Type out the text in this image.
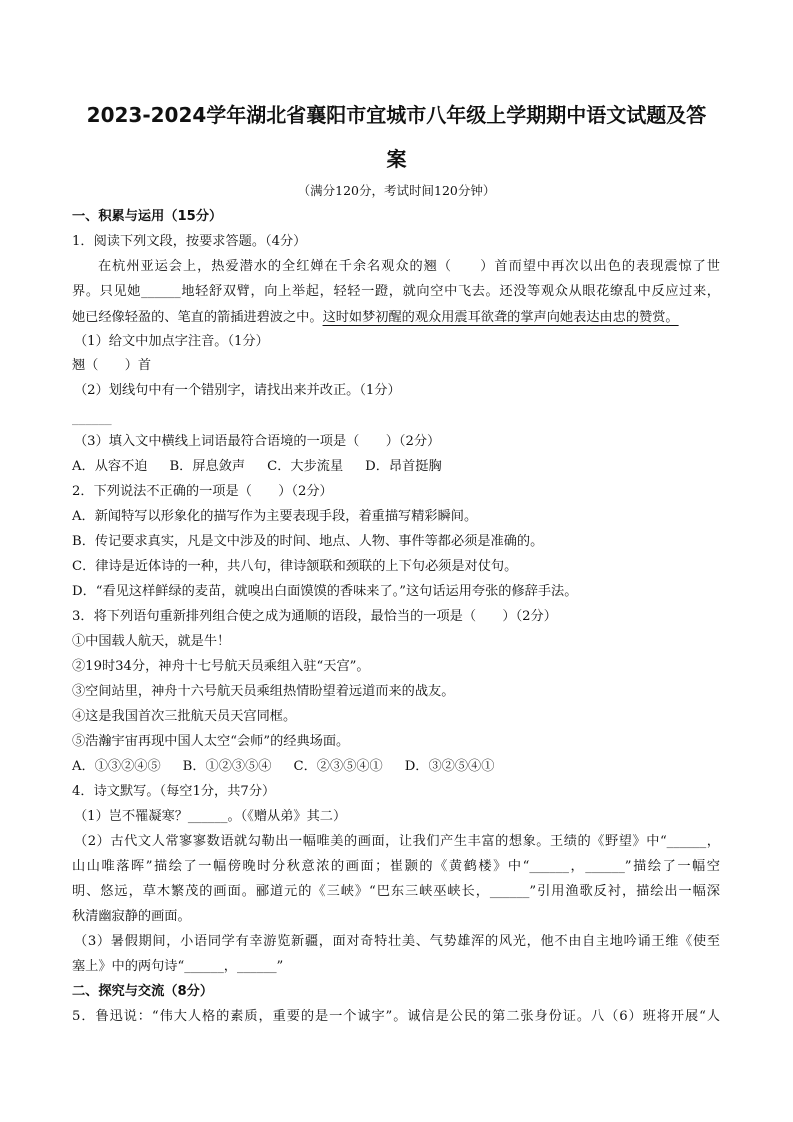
2023-2024学年湖北省襄阳市宜城市八年级上学期期中语文试题及答
案
（满分120分，考试时间120分钟）
一、积累与运用（15分）
1．阅读下列文段，按要求答题。（4分）
在杭州亚运会上，热爱潜水的全红婵在千余名观众的翘（　　）首而望中再次以出色的表现震惊了世
界。只见她______地轻舒双臂，向上举起，轻轻一蹬，就向空中飞去。还没等观众从眼花缭乱中反应过来，
她已经像轻盈的、笔直的箭插进碧波之中。这时如梦初醒的观众用震耳欲聋的掌声向她表达由忠的赞赏。
（1）给文中加点字注音。（1分）
翘（　　）首
（2）划线句中有一个错别字，请找出来并改正。（1分）
______
（3）填入文中横线上词语最符合语境的一项是（　　）（2分）
A．从容不迫 B．屏息敛声 C．大步流星 D．昂首挺胸
2．下列说法不正确的一项是（　　）（2分）
A．新闻特写以形象化的描写作为主要表现手段，着重描写精彩瞬间。
B．传记要求真实，凡是文中涉及的时间、地点、人物、事件等都必须是准确的。
C．律诗是近体诗的一种，共八句，律诗颔联和颈联的上下句必须是对仗句。
D．“看见这样鲜绿的麦苗，就嗅出白面馍馍的香味来了。”这句话运用夸张的修辞手法。
3．将下列语句重新排列组合使之成为通顺的语段，最恰当的一项是（　　）（2分）
①中国载人航天，就是牛！
②19时34分，神舟十七号航天员乘组入驻“天宫”。
③空间站里，神舟十六号航天员乘组热情盼望着远道而来的战友。
④这是我国首次三批航天员天宫同框。
⑤浩瀚宇宙再现中国人太空“会师”的经典场面。
A．①③②④⑤ B．①②③⑤④ C．②③⑤④① D．③②⑤④①
4．诗文默写。（每空1分，共7分）
（1）岂不罹凝寒？______。（《赠从弟》其二）
（2）古代文人常寥寥数语就勾勒出一幅唯美的画面，让我们产生丰富的想象。王绩的《野望》中“______，
山山唯落晖”描绘了一幅傍晚时分秋意浓的画面；崔颢的《黄鹤楼》中“______，______”描绘了一幅空
明、悠远，草木繁茂的画面。郦道元的《三峡》“巴东三峡巫峡长，______”引用渔歌反衬，描绘出一幅深
秋清幽寂静的画面。
（3）暑假期间，小语同学有幸游览新疆，面对奇特壮美、气势雄浑的风光，他不由自主地吟诵王维《使至
塞上》中的两句诗“______，______”
二、探究与交流（8分）
5．鲁迅说：“伟大人格的素质，重要的是一个诚字”。诚信是公民的第二张身份证。八（6）班将开展“人
